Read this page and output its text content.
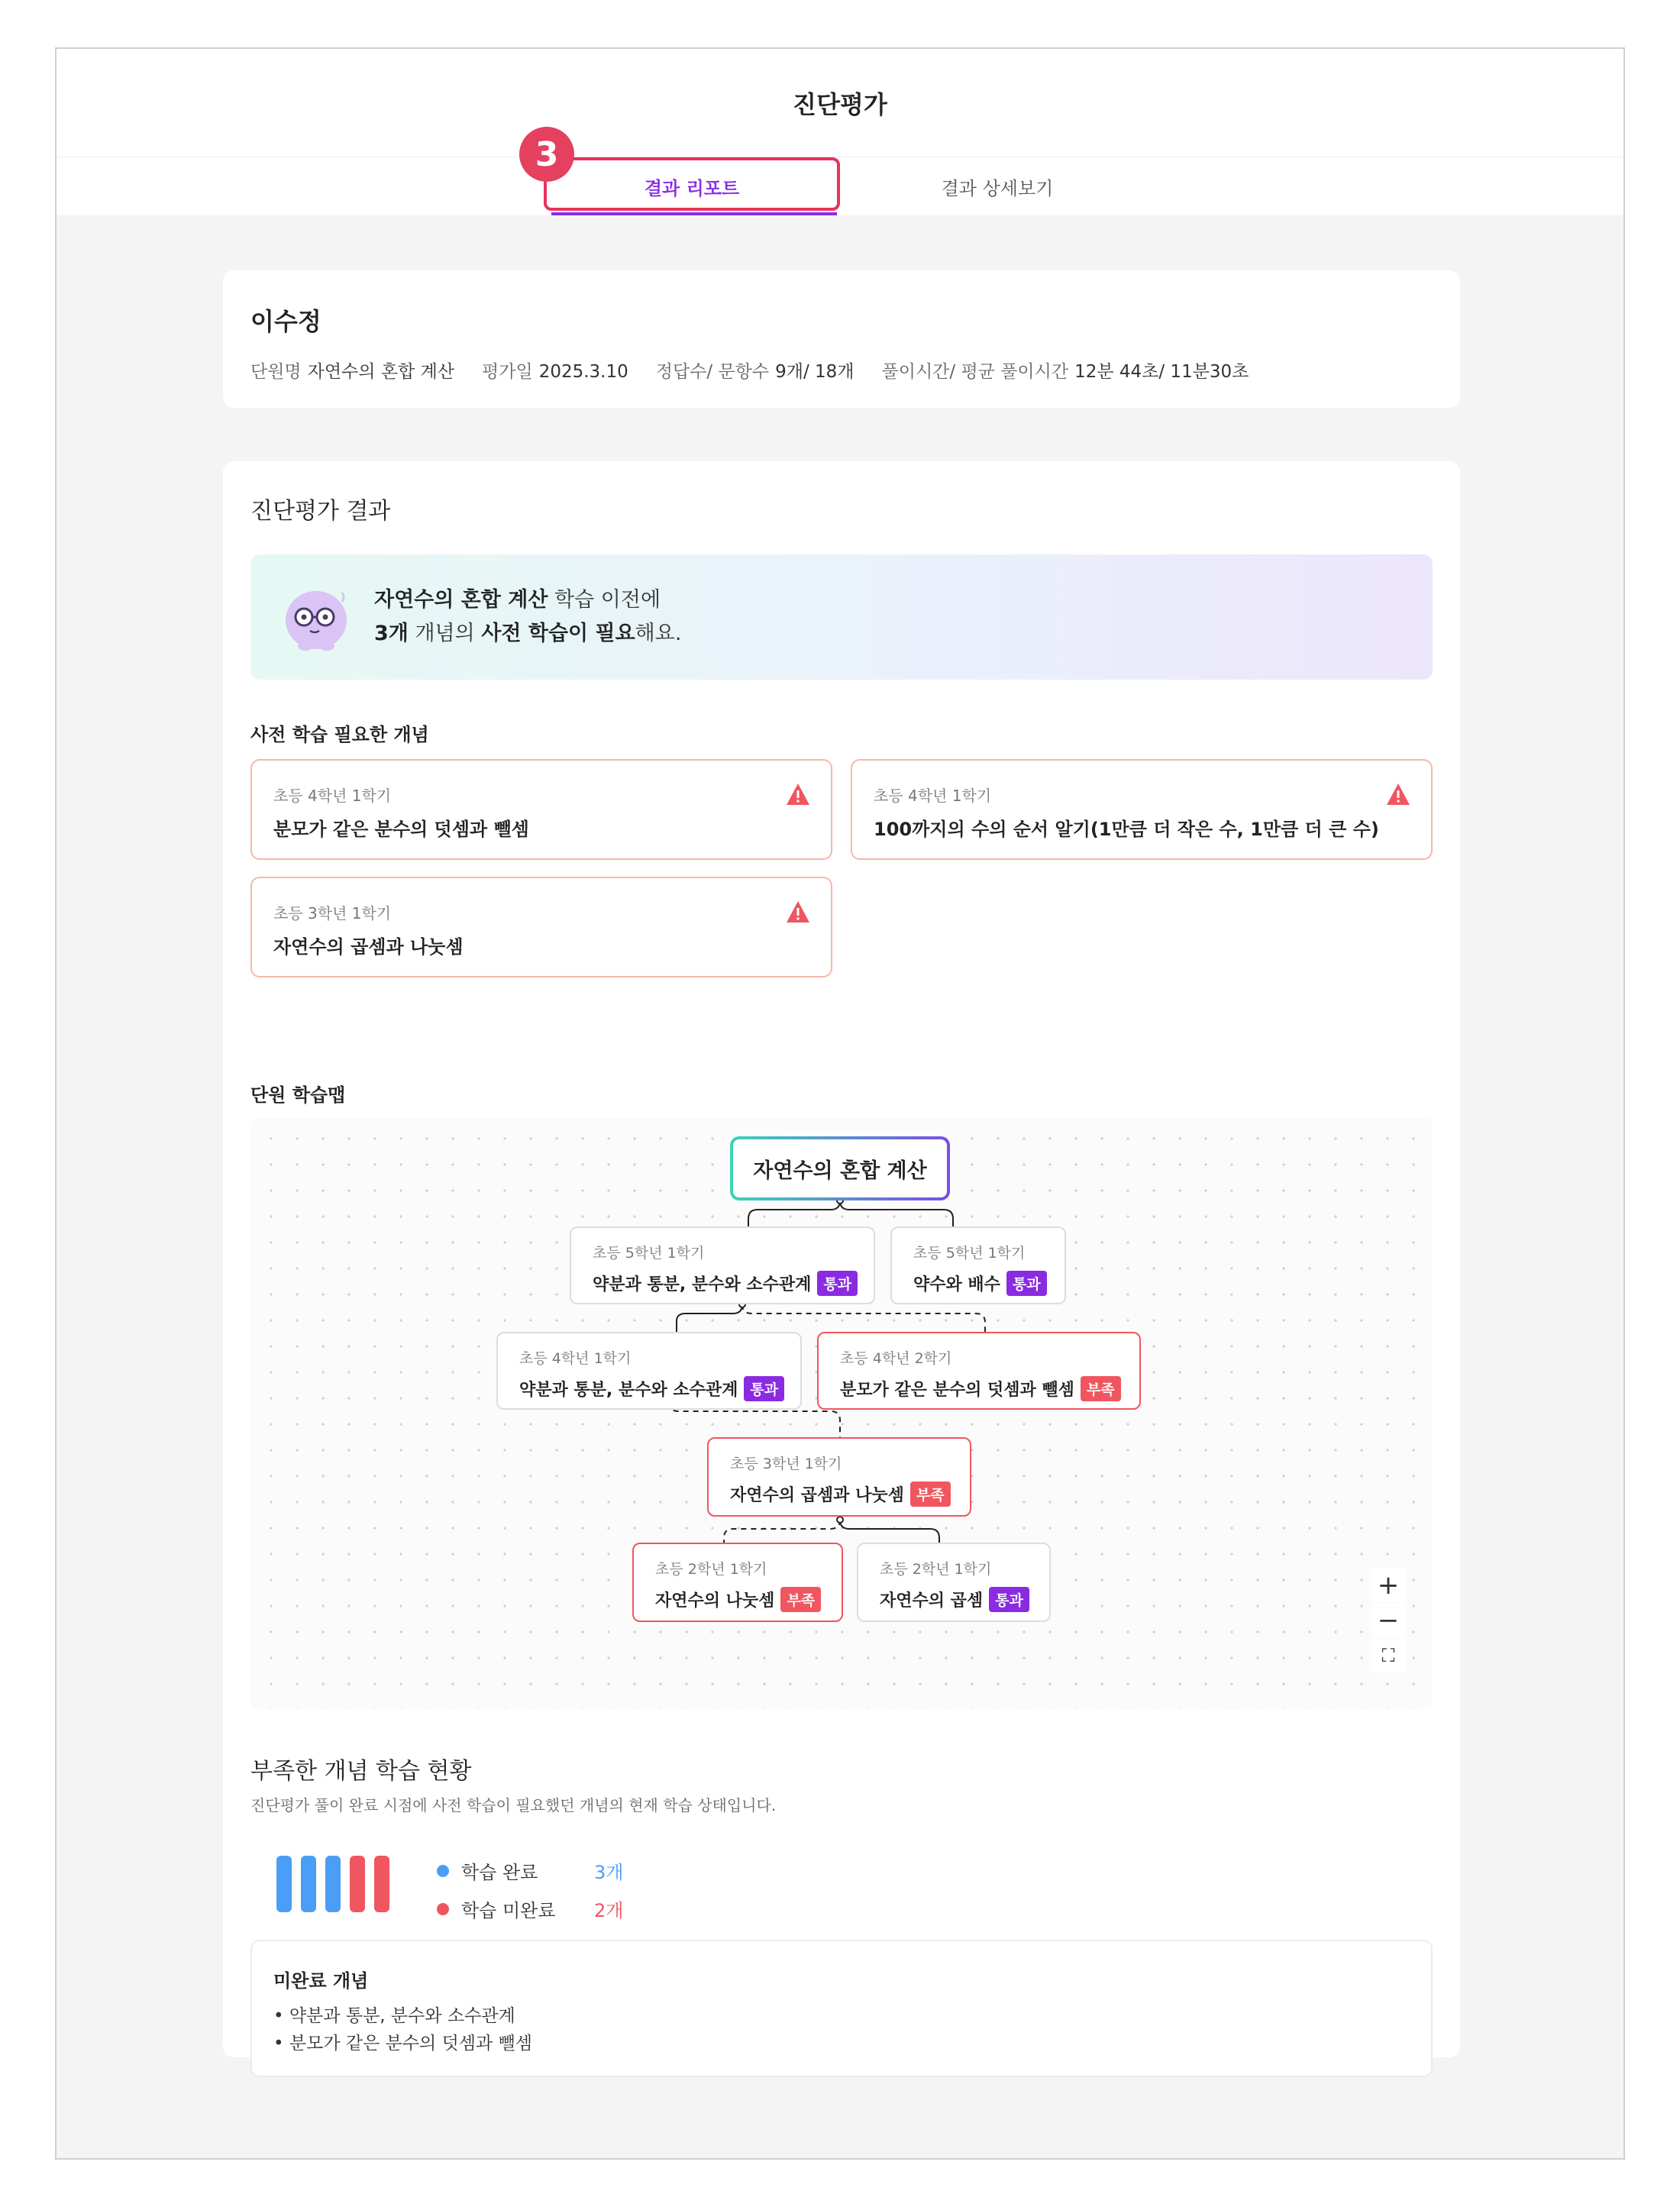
진단평가
결과 리포트	결과 상세보기
3
이수정
단원명 자연수의 혼합 계산 평가일 2025.3.10 정답수/ 문항수 9개/ 18개 풀이시간/ 평균 풀이시간 12분 44초/ 11분30초
진단평가 결과
자연수의 혼합 계산 학습 이전에
3개 개념의 사전 학습이 필요해요.
사전 학습 필요한 개념
초등 4학년 1학기
분모가 같은 분수의 덧셈과 뺄셈
초등 4학년 1학기
100까지의 수의 순서 알기(1만큼 더 작은 수, 1만큼 더 큰 수)
초등 3학년 1학기
자연수의 곱셈과 나눗셈
단원 학습맵
자연수의 혼합 계산
초등 5학년 1학기
약분과 통분, 분수와 소수관계 통과
초등 5학년 1학기
약수와 배수 통과
초등 4학년 1학기
약분과 통분, 분수와 소수관계 통과
초등 4학년 2학기
분모가 같은 분수의 덧셈과 뺄셈 부족
초등 3학년 1학기
자연수의 곱셈과 나눗셈 부족
초등 2학년 1학기
자연수의 나눗셈 부족
초등 2학년 1학기
자연수의 곱셈 통과	+
−
⛶
부족한 개념 학습 현황
진단평가 풀이 완료 시점에 사전 학습이 필요했던 개념의 현재 학습 상태입니다.
학습 완료	3개
학습 미완료 2개
미완료 개념
• 약분과 통분, 분수와 소수관계
• 분모가 같은 분수의 덧셈과 뺄셈
